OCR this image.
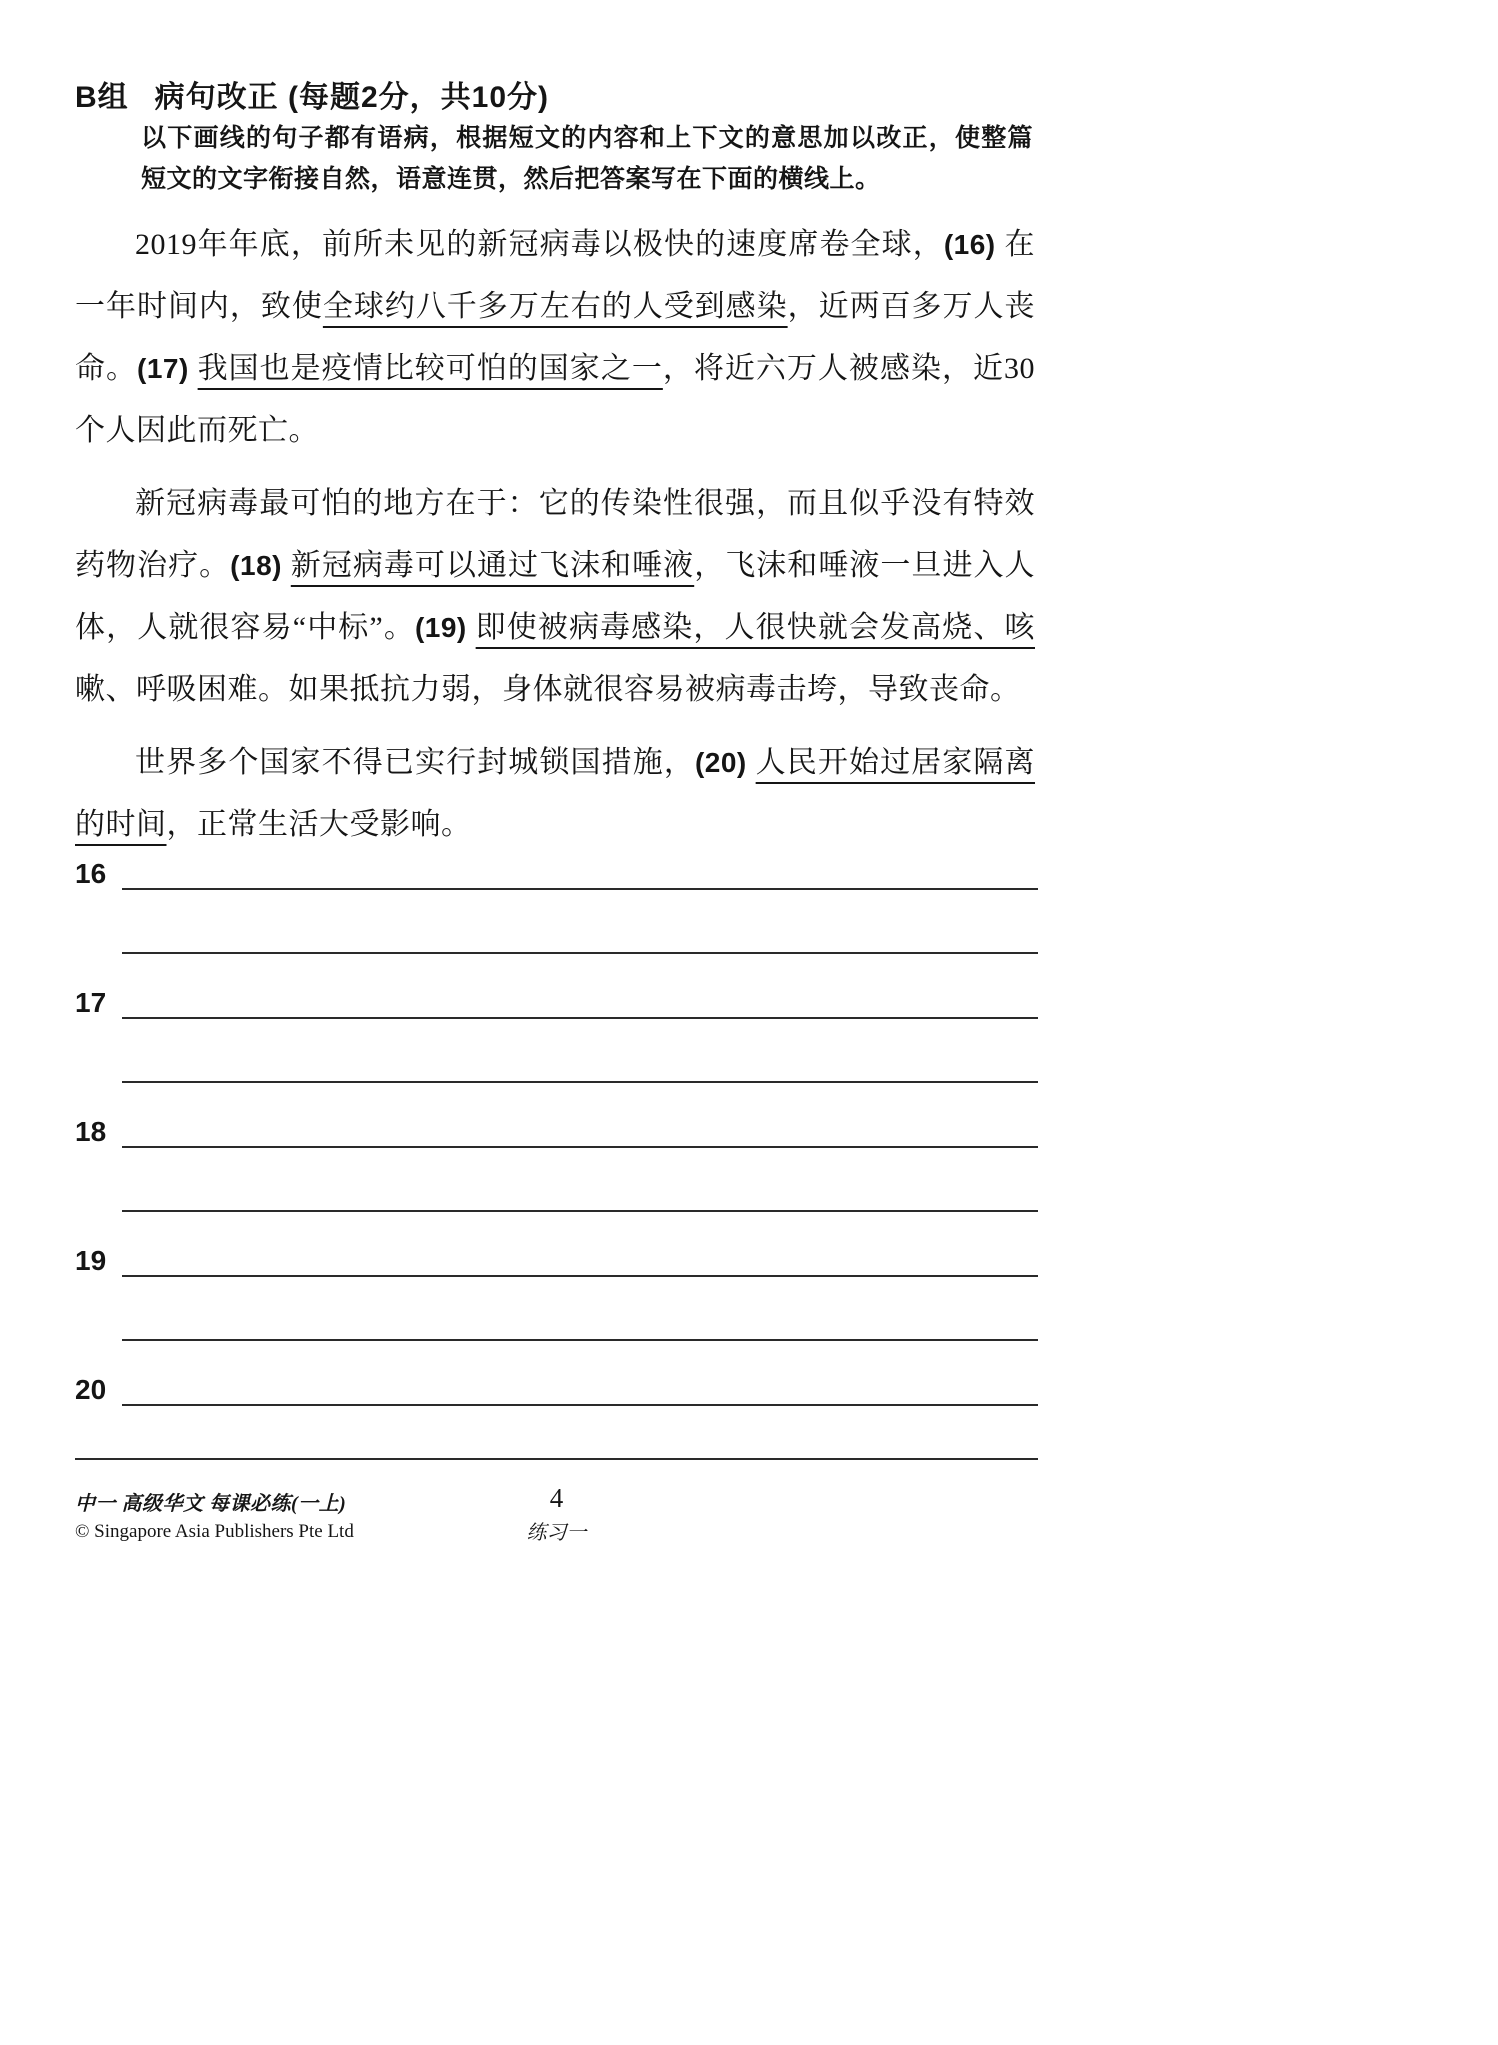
B组 病句改正 (每题2分，共10分)

以下画线的句子都有语病，根据短文的内容和上下文的意思加以改正，使整篇短文的文字衔接自然，语意连贯，然后把答案写在下面的横线上。

2019年年底，前所未见的新冠病毒以极快的速度席卷全球，(16) 在一年时间内，致使全球约八千多万左右的人受到感染，近两百多万人丧命。(17) 我国也是疫情比较可怕的国家之一，将近六万人被感染，近30个人因此而死亡。

新冠病毒最可怕的地方在于：它的传染性很强，而且似乎没有特效药物治疗。(18) 新冠病毒可以通过飞沫和唾液，飞沫和唾液一旦进入人体，人就很容易“中标”。(19) 即使被病毒感染，人很快就会发高烧、咳嗽、呼吸困难。如果抵抗力弱，身体就很容易被病毒击垮，导致丧命。

世界多个国家不得已实行封城锁国措施，(20) 人民开始过居家隔离的时间，正常生活大受影响。

16
17
18
19
20
中一 高级华文 每课必练(一上)
© Singapore Asia Publishers Pte Ltd
4
练习一
